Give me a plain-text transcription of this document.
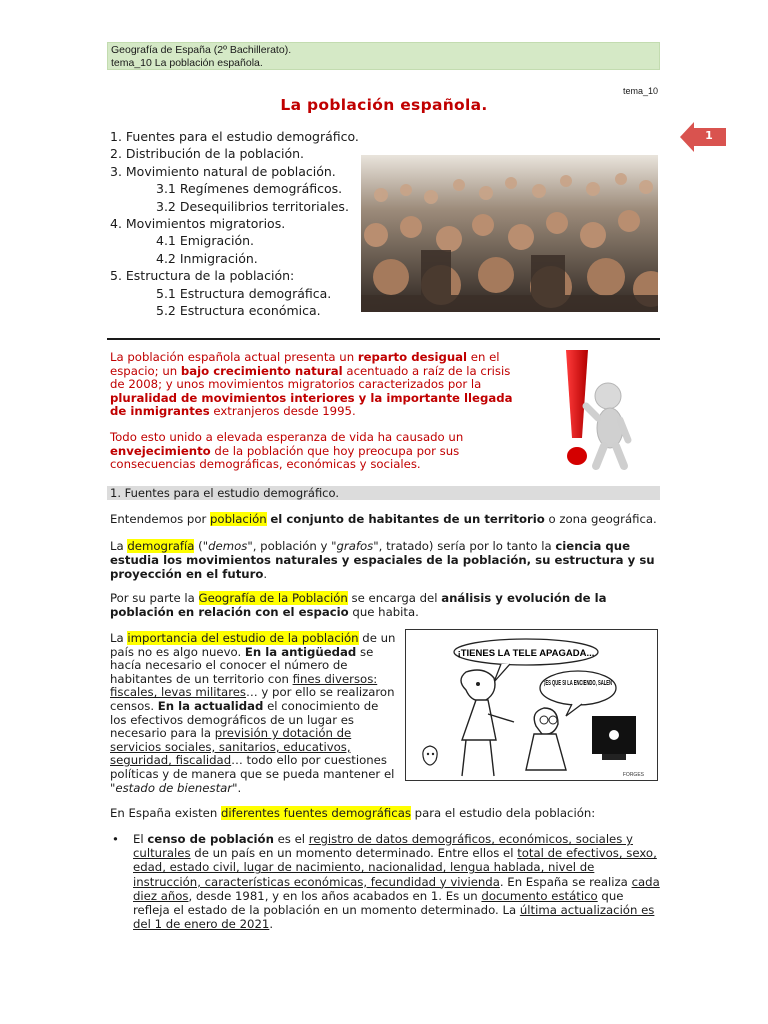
Geografía de España (2º Bachillerato).
tema_10 La población española.
tema_10
1
La población española.
1. Fuentes para el estudio demográfico.
2. Distribución de la población.
3. Movimiento natural de población.
3.1 Regímenes demográficos.
3.2 Desequilibrios territoriales.
4. Movimientos migratorios.
4.1 Emigración.
4.2 Inmigración.
5. Estructura de la población:
5.1 Estructura demográfica.
5.2 Estructura económica.

La población española actual presenta un reparto desigual en el espacio; un bajo crecimiento natural acentuado a raíz de la crisis de 2008; y unos movimientos migratorios caracterizados por la pluralidad de movimientos interiores y la importante llegada de inmigrantes extranjeros desde 1995.

Todo esto unido a elevada esperanza de vida ha causado un envejecimiento de la población que hoy preocupa por sus consecuencias demográficas, económicas y sociales.

1. Fuentes para el estudio demográfico.

Entendemos por población el conjunto de habitantes de un territorio o zona geográfica.

La demografía ("demos", población y "grafos", tratado) sería por lo tanto la ciencia que estudia los movimientos naturales y espaciales de la población, su estructura y su proyección en el futuro.

Por su parte la Geografía de la Población se encarga del análisis y evolución de la población en relación con el espacio que habita.

La importancia del estudio de la población de un país no es algo nuevo. En la antigüedad se hacía necesario el conocer el número de habitantes de un territorio con fines diversos: fiscales, levas militares… y por ello se realizaron censos. En la actualidad el conocimiento de los efectivos demográficos de un lugar es necesario para la previsión y dotación de servicios sociales, sanitarios, educativos, seguridad, fiscalidad… todo ello por cuestiones políticas y de manera que se pueda mantener el "estado de bienestar".
¡TIENES LA TELE APAGADA...
¡ES QUE SI LA ENCIENDO, SALEN
FORGES

En España existen diferentes fuentes demográficas para el estudio dela población:

•	El censo de población es el registro de datos demográficos, económicos, sociales y culturales de un país en un momento determinado. Entre ellos el total de efectivos, sexo, edad, estado civil, lugar de nacimiento, nacionalidad, lengua hablada, nivel de instrucción, características económicas, fecundidad y vivienda. En España se realiza cada diez años, desde 1981, y en los años acabados en 1. Es un documento estático que refleja el estado de la población en un momento determinado. La última actualización es del 1 de enero de 2021.
